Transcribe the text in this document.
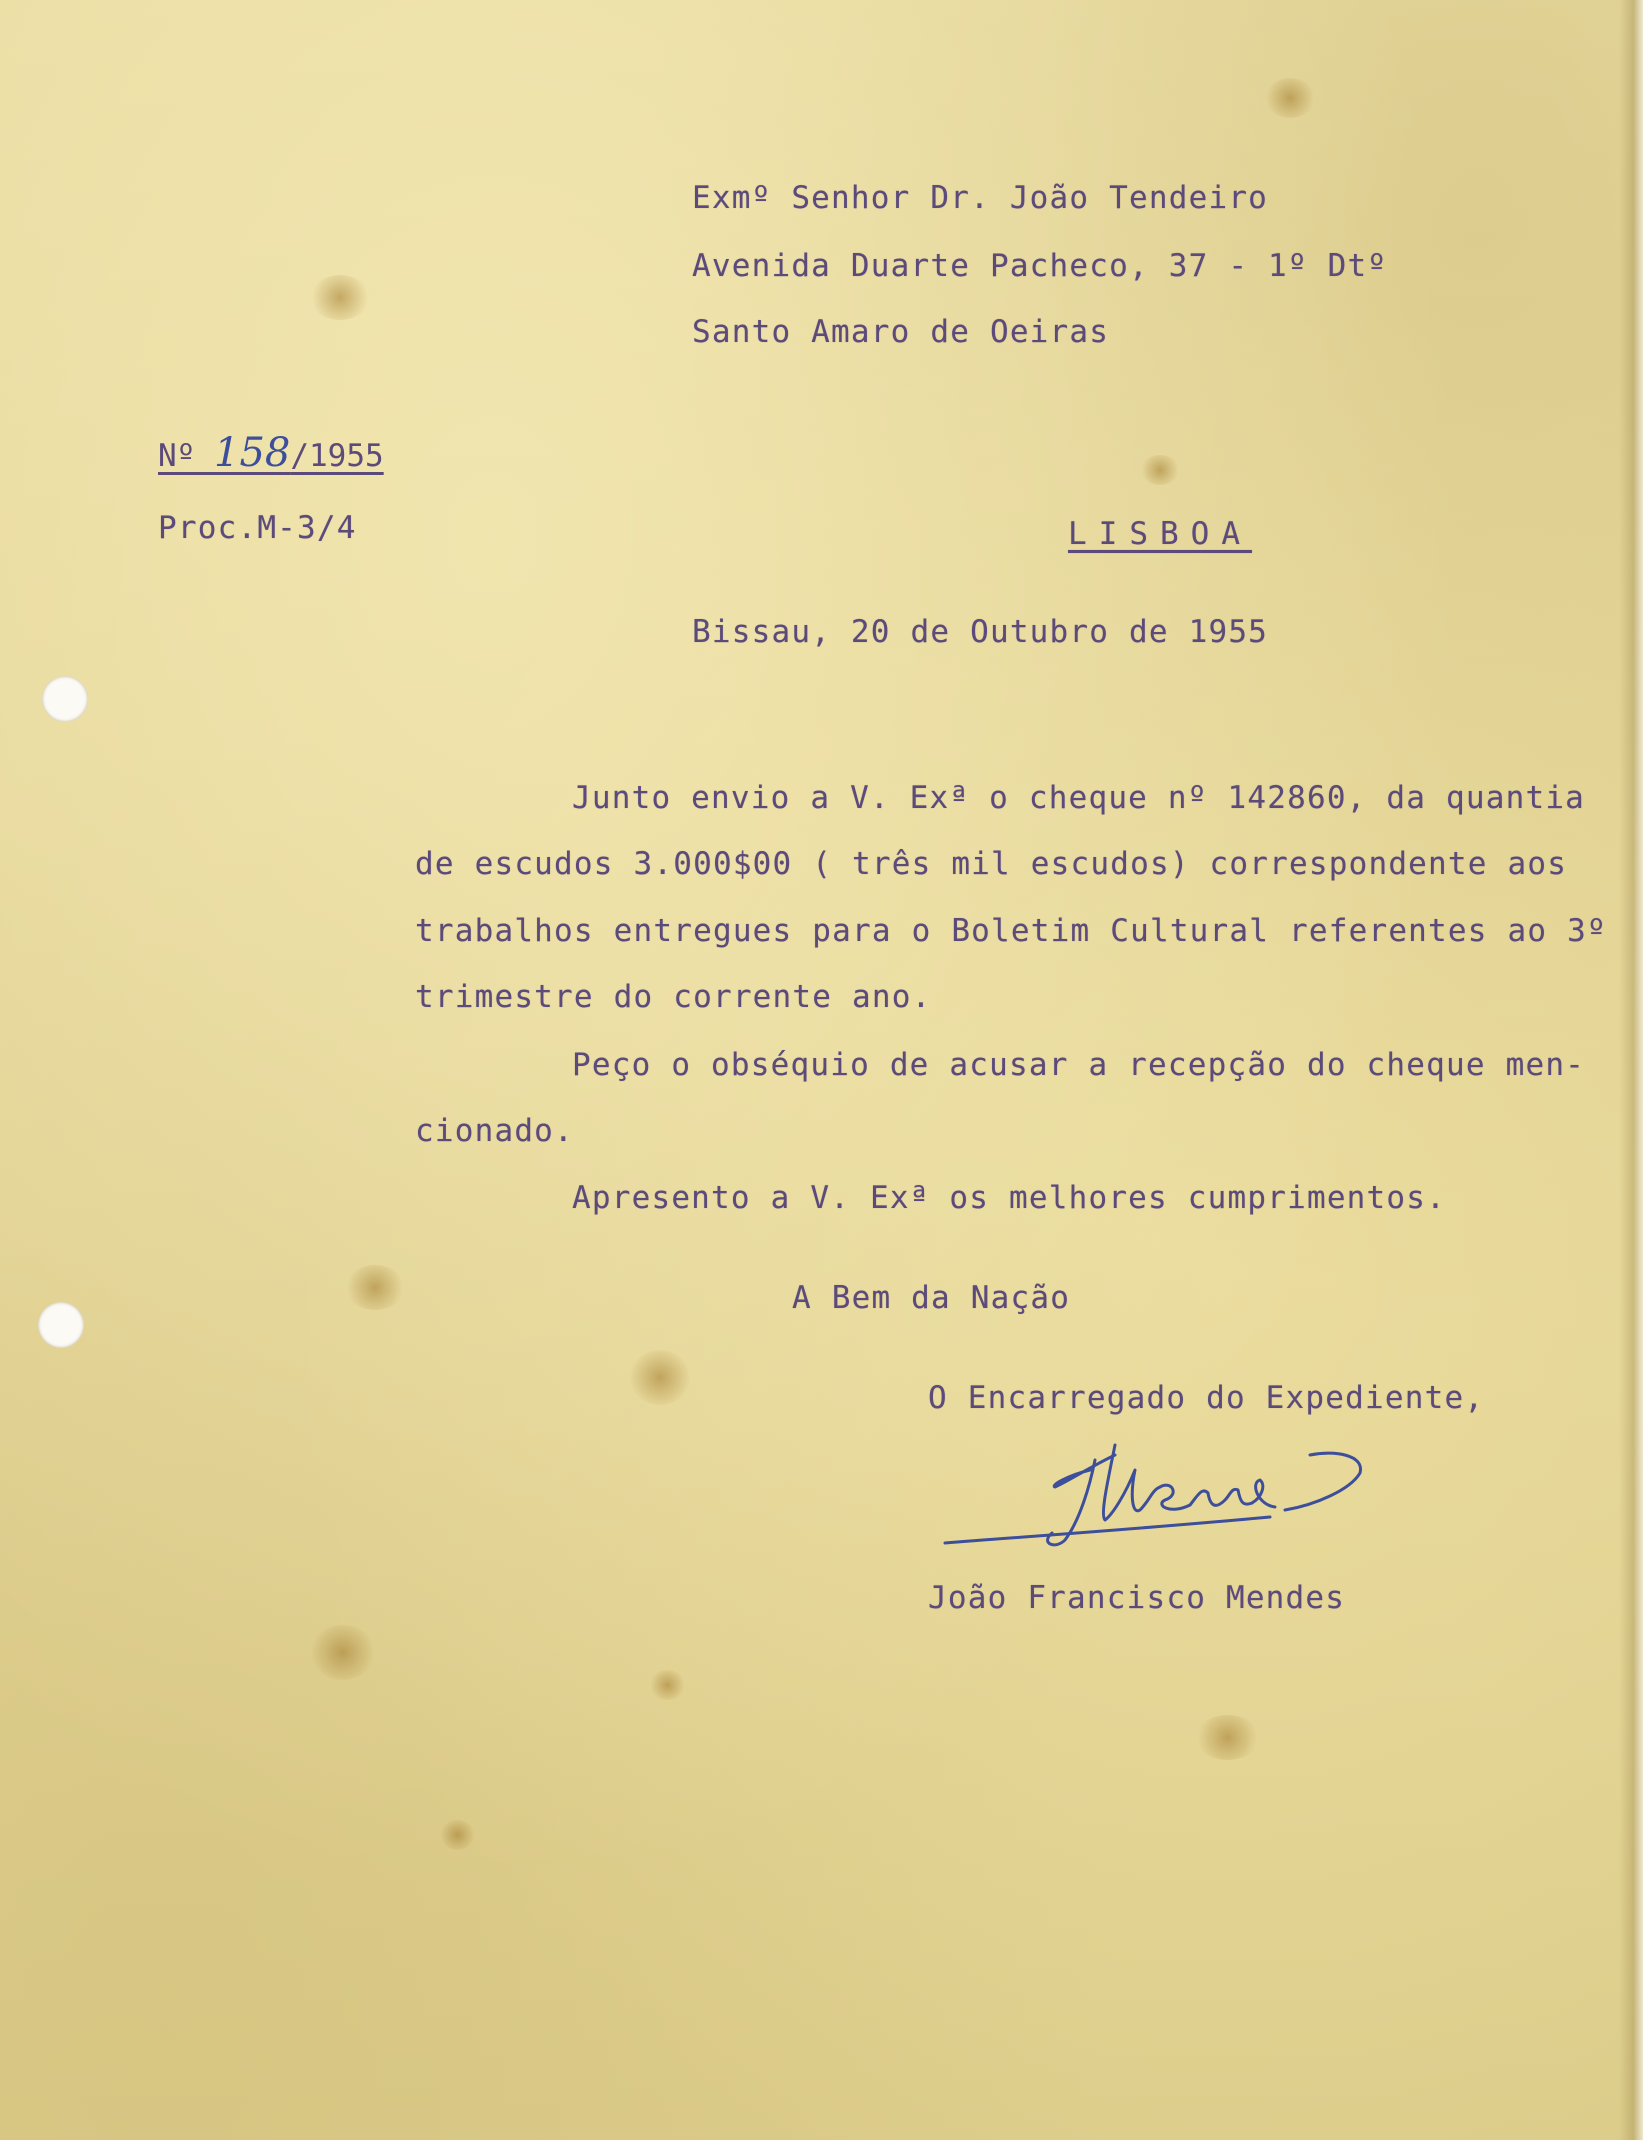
Exmº Senhor Dr. João Tendeiro
Avenida Duarte Pacheco, 37 - 1º Dtº
Santo Amaro de Oeiras
Nº 158/1955
Proc.M-3/4	LISBOA
Bissau, 20 de Outubro de 1955
Junto envio a V. Exª o cheque nº 142860, da quantia
de escudos 3.000$00 ( três mil escudos) correspondente aos
trabalhos entregues para o Boletim Cultural referentes ao 3º
trimestre do corrente ano.
Peço o obséquio de acusar a recepção do cheque men-
cionado.
Apresento a V. Exª os melhores cumprimentos.
A Bem da Nação
O Encarregado do Expediente,
João Francisco Mendes
